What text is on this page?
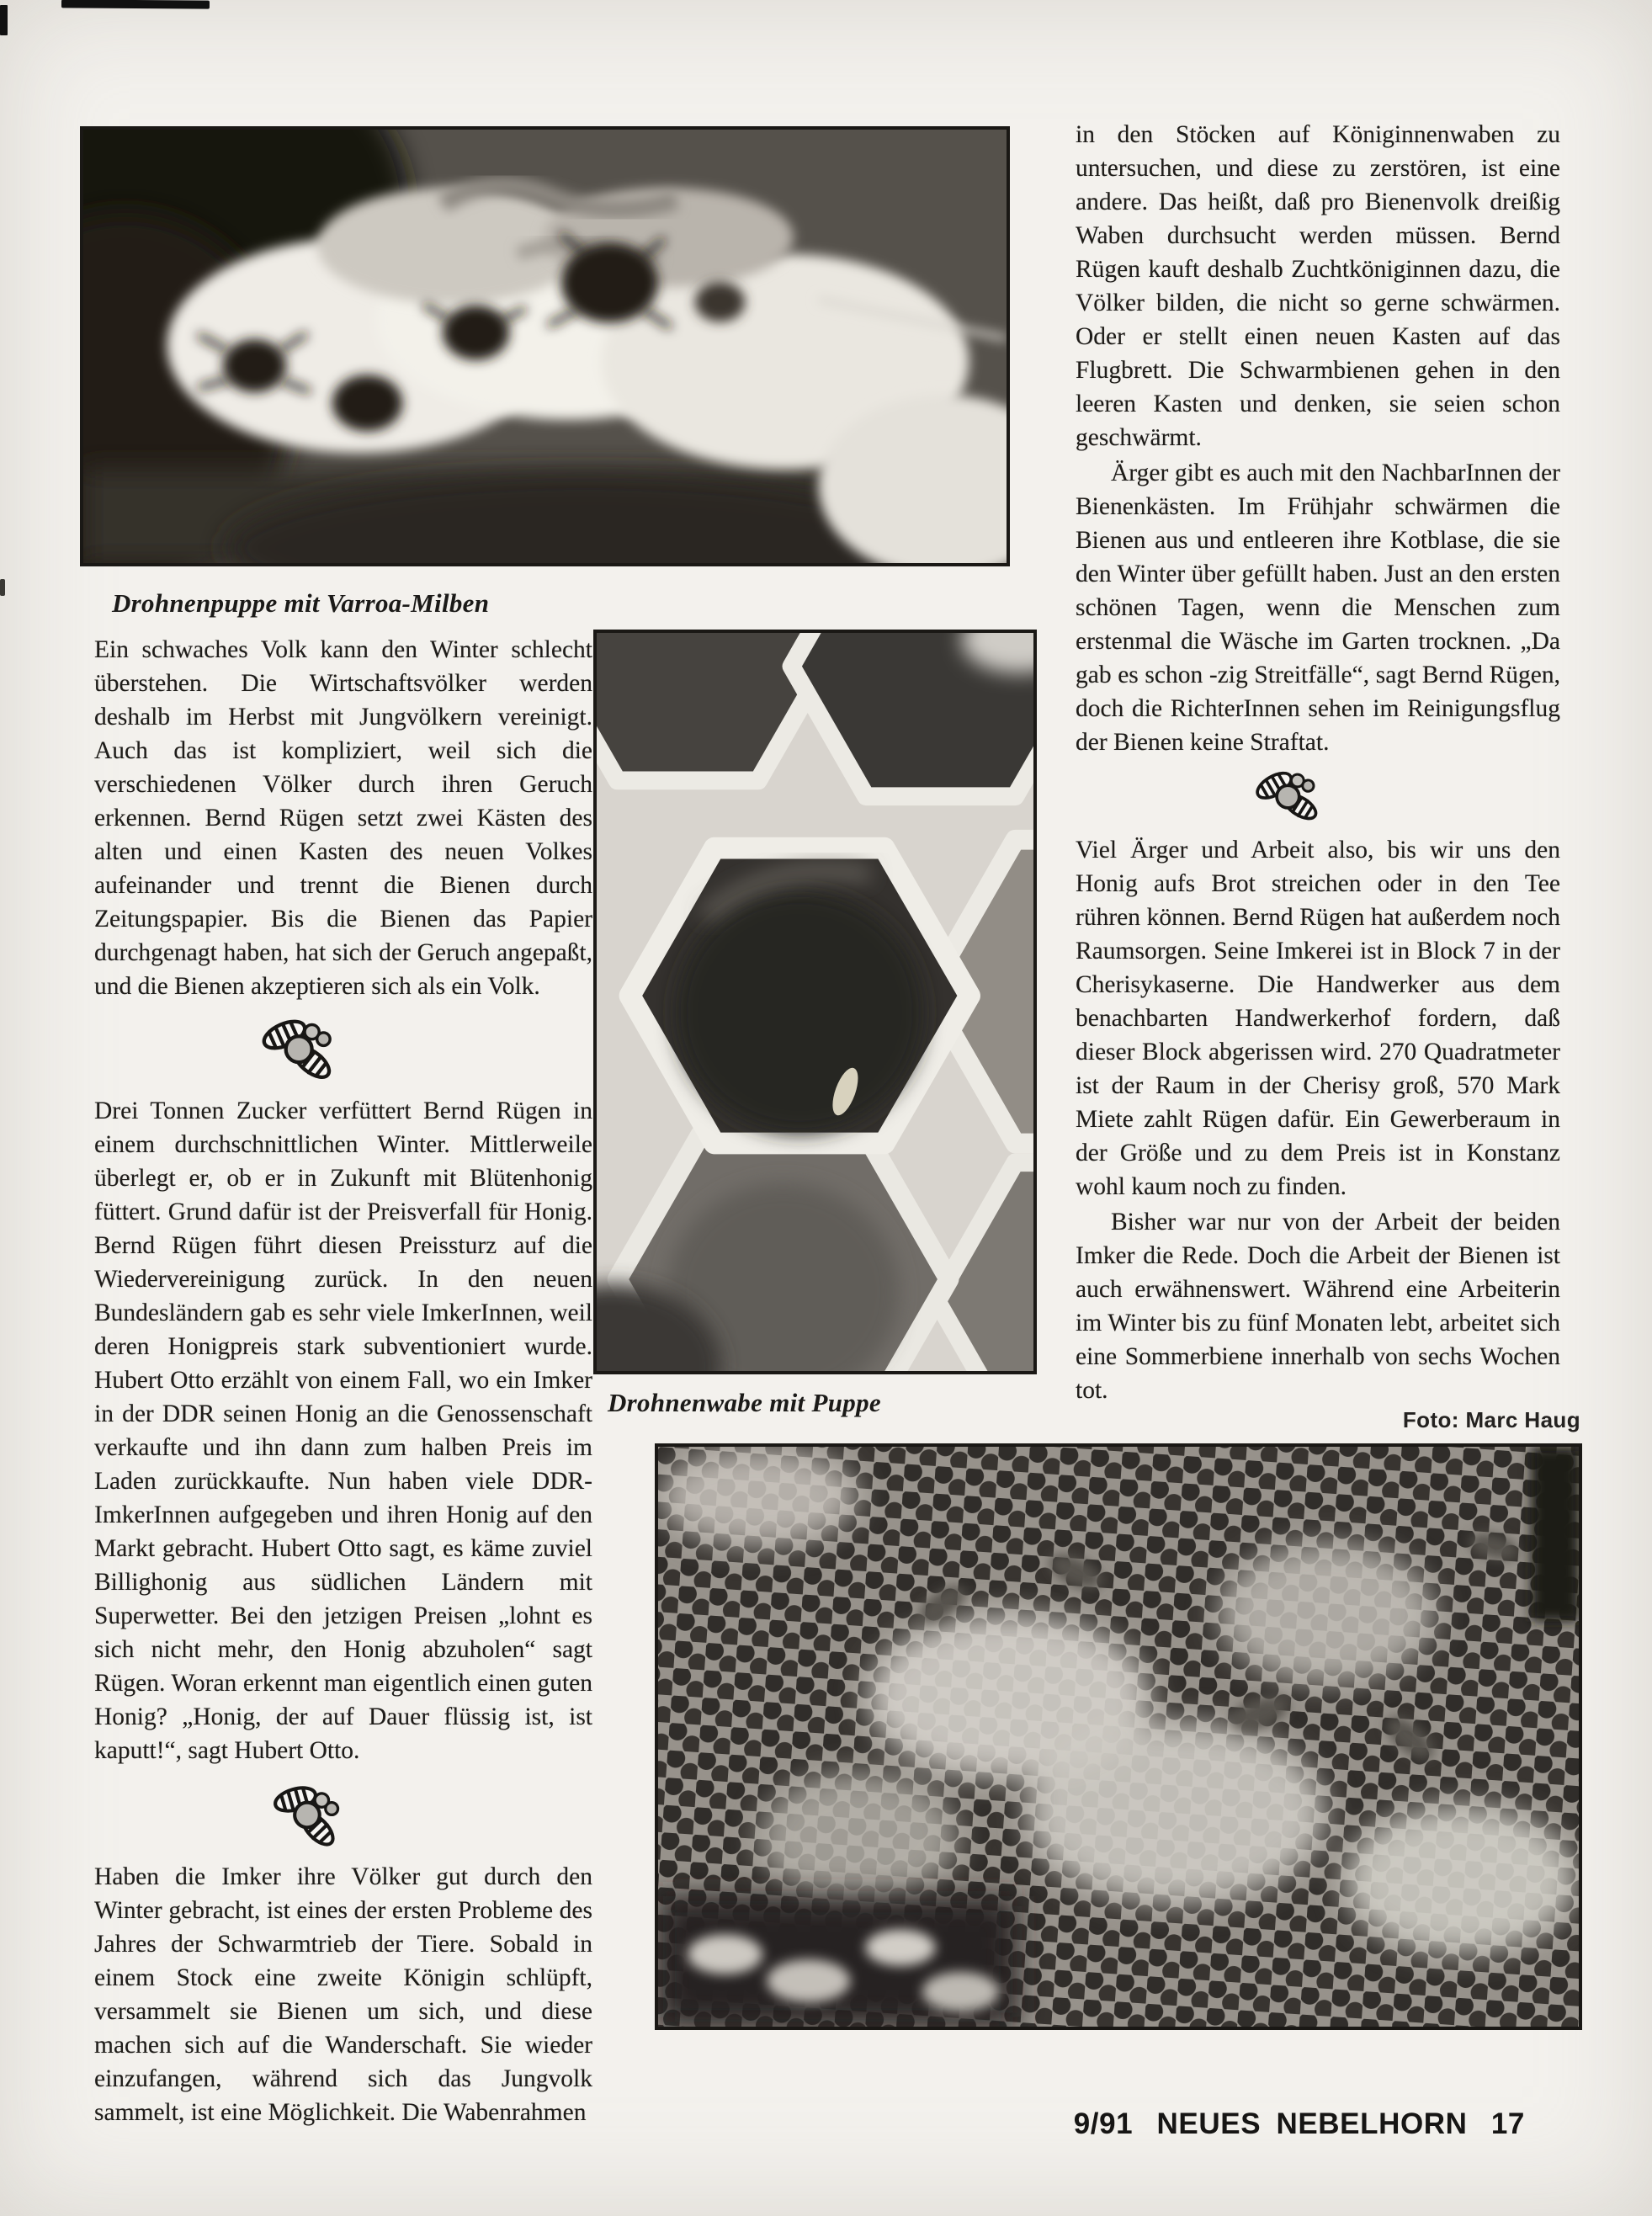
Drohnenpuppe mit Varroa-Milben

Ein schwaches Volk kann den Winter schlecht überstehen. Die Wirtschaftsvölker werden deshalb im Herbst mit Jungvölkern vereinigt. Auch das ist kompliziert, weil sich die verschiedenen Völker durch ihren Geruch erkennen. Bernd Rügen setzt zwei Kästen des alten und einen Kasten des neuen Volkes aufeinander und trennt die Bienen durch Zeitungspapier. Bis die Bienen das Papier durchgenagt haben, hat sich der Geruch angepaßt, und die Bienen akzeptieren sich als ein Volk.

Drei Tonnen Zucker verfüttert Bernd Rügen in einem durchschnittlichen Winter. Mittlerweile überlegt er, ob er in Zukunft mit Blütenhonig füttert. Grund dafür ist der Preisverfall für Honig. Bernd Rügen führt diesen Preissturz auf die Wiedervereinigung zurück. In den neuen Bundesländern gab es sehr viele ImkerInnen, weil deren Honigpreis stark subventioniert wurde. Hubert Otto erzählt von einem Fall, wo ein Imker in der DDR seinen Honig an die Genossenschaft verkaufte und ihn dann zum halben Preis im Laden zurückkaufte. Nun haben viele DDR-ImkerInnen aufgegeben und ihren Honig auf den Markt gebracht. Hubert Otto sagt, es käme zuviel Billighonig aus südlichen Ländern mit Superwetter. Bei den jetzigen Preisen „lohnt es sich nicht mehr, den Honig abzuholen“ sagt Rügen. Woran erkennt man eigentlich einen guten Honig? „Honig, der auf Dauer flüssig ist, ist kaputt!“, sagt Hubert Otto.

Haben die Imker ihre Völker gut durch den Winter gebracht, ist eines der ersten Probleme des Jahres der Schwarmtrieb der Tiere. Sobald in einem Stock eine zweite Königin schlüpft, versammelt sie Bienen um sich, und diese machen sich auf die Wanderschaft. Sie wieder einzufangen, während sich das Jungvolk sammelt, ist eine Möglichkeit. Die Wabenrahmen

Drohnenwabe mit Puppe

in den Stöcken auf Königinnenwaben zu untersuchen, und diese zu zerstören, ist eine andere. Das heißt, daß pro Bienenvolk dreißig Waben durchsucht werden müssen. Bernd Rügen kauft deshalb Zuchtköniginnen dazu, die Völker bilden, die nicht so gerne schwärmen. Oder er stellt einen neuen Kasten auf das Flugbrett. Die Schwarmbienen gehen in den leeren Kasten und denken, sie seien schon geschwärmt.

Ärger gibt es auch mit den NachbarInnen der Bienenkästen. Im Frühjahr schwärmen die Bienen aus und entleeren ihre Kotblase, die sie den Winter über gefüllt haben. Just an den ersten schönen Tagen, wenn die Menschen zum erstenmal die Wäsche im Garten trocknen. „Da gab es schon -zig Streitfälle“, sagt Bernd Rügen, doch die RichterInnen sehen im Reinigungsflug der Bienen keine Straftat.

Viel Ärger und Arbeit also, bis wir uns den Honig aufs Brot streichen oder in den Tee rühren können. Bernd Rügen hat außerdem noch Raumsorgen. Seine Imkerei ist in Block 7 in der Cherisykaserne. Die Handwerker aus dem benachbarten Handwerkerhof fordern, daß dieser Block abgerissen wird. 270 Quadratmeter ist der Raum in der Cherisy groß, 570 Mark Miete zahlt Rügen dafür. Ein Gewerberaum in der Größe und zu dem Preis ist in Konstanz wohl kaum noch zu finden.

Bisher war nur von der Arbeit der beiden Imker die Rede. Doch die Arbeit der Bienen ist auch erwähnenswert. Während eine Arbeiterin im Winter bis zu fünf Monaten lebt, arbeitet sich eine Sommerbiene innerhalb von sechs Wochen tot.

Foto: Marc Haug
9/91 NEUES NEBELHORN 17
